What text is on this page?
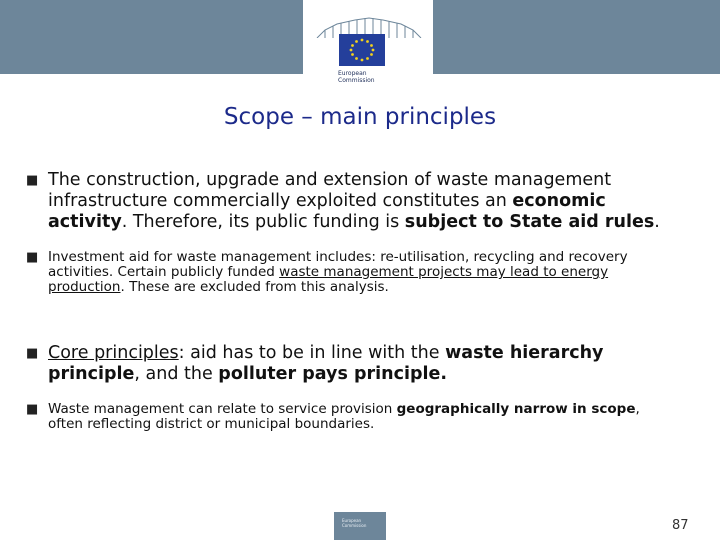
European
Commission
Scope – main principles
■ The construction, upgrade and extension of waste management infrastructure commercially exploited constitutes an economic activity. Therefore, its public funding is subject to State aid rules.
■ Investment aid for waste management includes: re-utilisation, recycling and recovery activities. Certain publicly funded waste management projects may lead to energy production. These are excluded from this analysis.
■ Core principles: aid has to be in line with the waste hierarchy principle, and the polluter pays principle.
■ Waste management can relate to service provision geographically narrow in scope, often reflecting district or municipal boundaries.
European Commission	87
